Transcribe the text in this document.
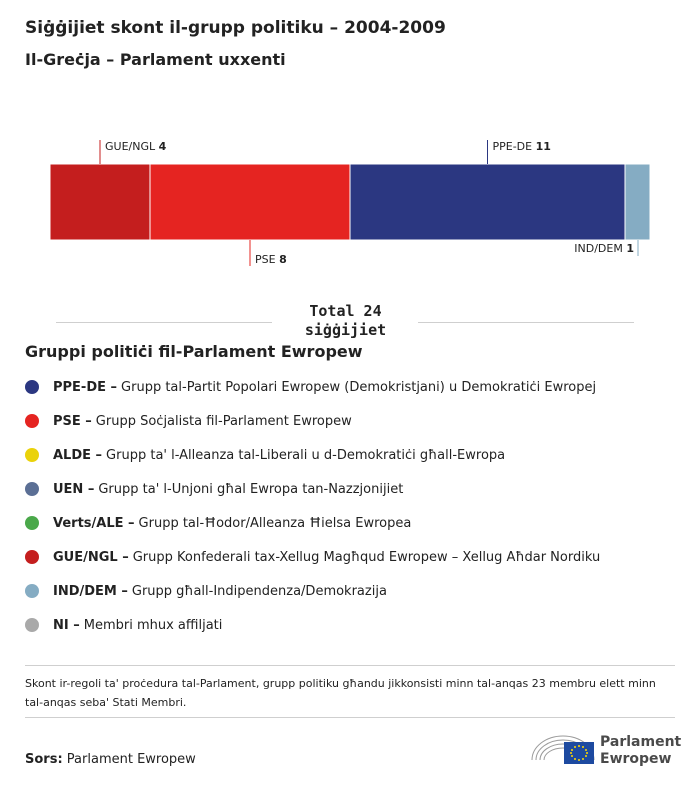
Siġġijiet skont il-grupp politiku – 2004-2009
Il-Greċja – Parlament uxxenti
GUE/NGL 4
PSE 8
PPE-DE 11
IND/DEM 1
Total 24 siġġijiet
Gruppi politiċi fil-Parlament Ewropew
PPE-DE – Grupp tal-Partit Popolari Ewropew (Demokristjani) u Demokratiċi Ewropej
PSE – Grupp Soċjalista fil-Parlament Ewropew
ALDE – Grupp ta' l-Alleanza tal-Liberali u d-Demokratiċi għall-Ewropa
UEN – Grupp ta' l-Unjoni għal Ewropa tan-Nazzjonijiet
Verts/ALE – Grupp tal-Ħodor/Alleanza Ħielsa Ewropea
GUE/NGL – Grupp Konfederali tax-Xellug Magħqud Ewropew – Xellug Aħdar Nordiku
IND/DEM – Grupp għall-Indipendenza/Demokrazija
NI – Membri mhux affiljati

Skont ir-regoli ta' proċedura tal-Parlament, grupp politiku għandu jikkonsisti minn tal-anqas 23 membru elett minn tal-anqas seba' Stati Membri.

Sors: Parlament Ewropew
Parlament
Ewropew
